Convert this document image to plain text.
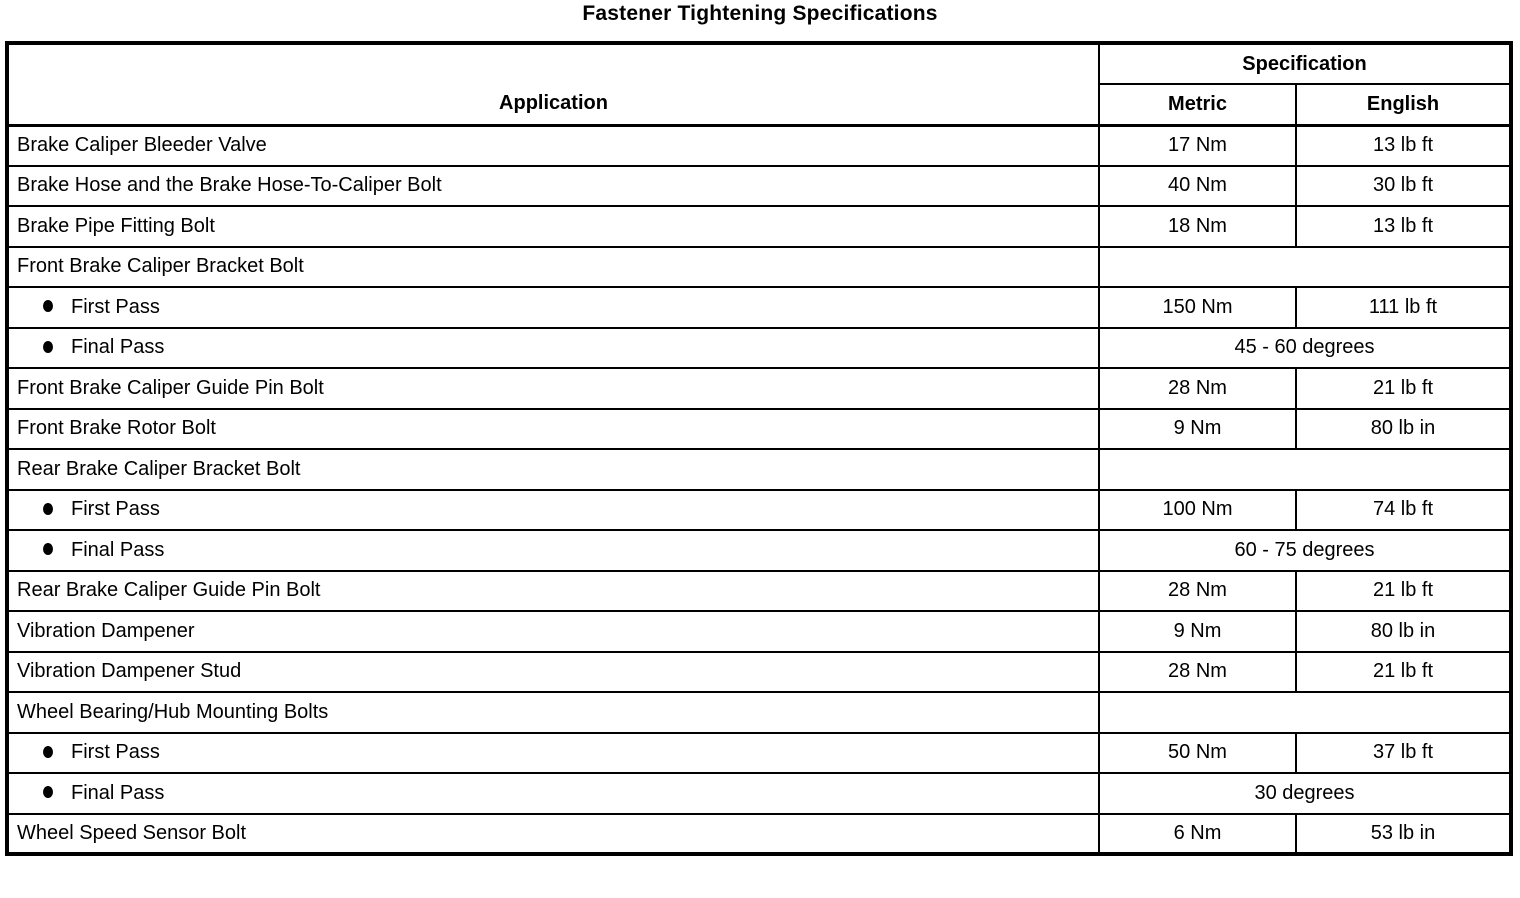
Fastener Tightening Specifications
Application	Specification	
	Metric	English
Brake Caliper Bleeder Valve	17 Nm	13 lb ft
Brake Hose and the Brake Hose-To-Caliper Bolt	40 Nm	30 lb ft
Brake Pipe Fitting Bolt	18 Nm	13 lb ft
Front Brake Caliper Bracket Bolt		
First Pass	150 Nm	111 lb ft
Final Pass	45 - 60 degrees	
Front Brake Caliper Guide Pin Bolt	28 Nm	21 lb ft
Front Brake Rotor Bolt	9 Nm	80 lb in
Rear Brake Caliper Bracket Bolt		
First Pass	100 Nm	74 lb ft
Final Pass	60 - 75 degrees	
Rear Brake Caliper Guide Pin Bolt	28 Nm	21 lb ft
Vibration Dampener	9 Nm	80 lb in
Vibration Dampener Stud	28 Nm	21 lb ft
Wheel Bearing/Hub Mounting Bolts		
First Pass	50 Nm	37 lb ft
Final Pass	30 degrees	
Wheel Speed Sensor Bolt	6 Nm	53 lb in
